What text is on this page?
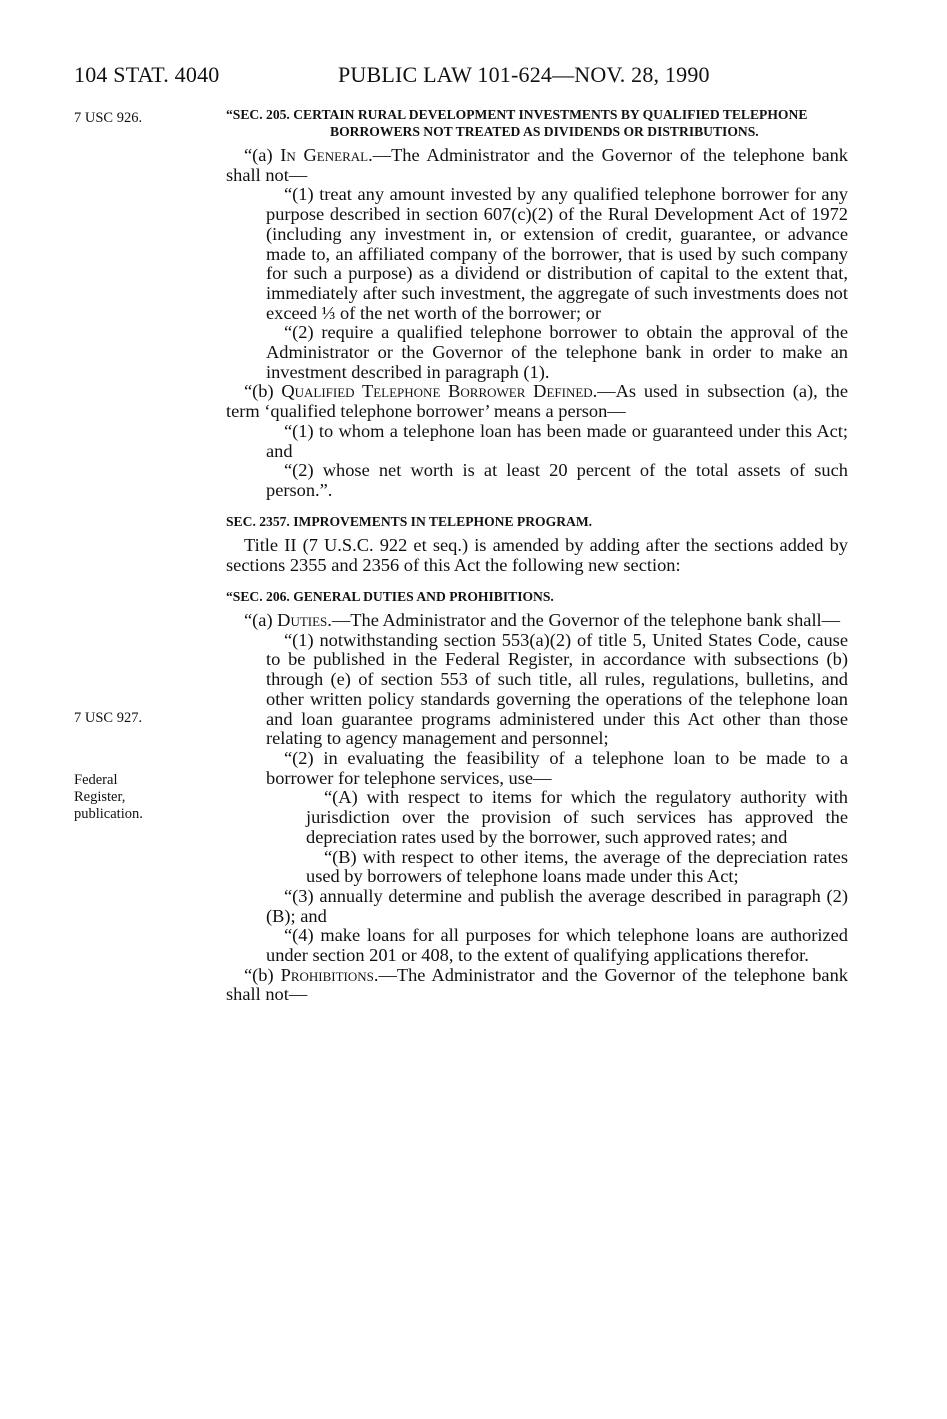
104 STAT. 4040	PUBLIC LAW 101-624—NOV. 28, 1990
7 USC 926.
7 USC 927.
Federal
Register,
publication.

“SEC. 205. CERTAIN RURAL DEVELOPMENT INVESTMENTS BY QUALIFIED TELEPHONE BORROWERS NOT TREATED AS DIVIDENDS OR DISTRIBUTIONS.

“(a) In General.—The Administrator and the Governor of the telephone bank shall not—

“(1) treat any amount invested by any qualified telephone borrower for any purpose described in section 607(c)(2) of the Rural Development Act of 1972 (including any investment in, or extension of credit, guarantee, or advance made to, an affiliated company of the borrower, that is used by such company for such a purpose) as a dividend or distribution of capital to the extent that, immediately after such investment, the aggregate of such investments does not exceed ⅓ of the net worth of the borrower; or

“(2) require a qualified telephone borrower to obtain the approval of the Administrator or the Governor of the telephone bank in order to make an investment described in paragraph (1).

“(b) Qualified Telephone Borrower Defined.—As used in subsection (a), the term ‘qualified telephone borrower’ means a person—

“(1) to whom a telephone loan has been made or guaranteed under this Act; and

“(2) whose net worth is at least 20 percent of the total assets of such person.”.

SEC. 2357. IMPROVEMENTS IN TELEPHONE PROGRAM.

Title II (7 U.S.C. 922 et seq.) is amended by adding after the sections added by sections 2355 and 2356 of this Act the following new section:

“SEC. 206. GENERAL DUTIES AND PROHIBITIONS.

“(a) Duties.—The Administrator and the Governor of the telephone bank shall—

“(1) notwithstanding section 553(a)(2) of title 5, United States Code, cause to be published in the Federal Register, in accordance with subsections (b) through (e) of section 553 of such title, all rules, regulations, bulletins, and other written policy standards governing the operations of the telephone loan and loan guarantee programs administered under this Act other than those relating to agency management and personnel;

“(2) in evaluating the feasibility of a telephone loan to be made to a borrower for telephone services, use—

“(A) with respect to items for which the regulatory authority with jurisdiction over the provision of such services has approved the depreciation rates used by the borrower, such approved rates; and

“(B) with respect to other items, the average of the depreciation rates used by borrowers of telephone loans made under this Act;

“(3) annually determine and publish the average described in paragraph (2)(B); and

“(4) make loans for all purposes for which telephone loans are authorized under section 201 or 408, to the extent of qualifying applications therefor.

“(b) Prohibitions.—The Administrator and the Governor of the telephone bank shall not—
